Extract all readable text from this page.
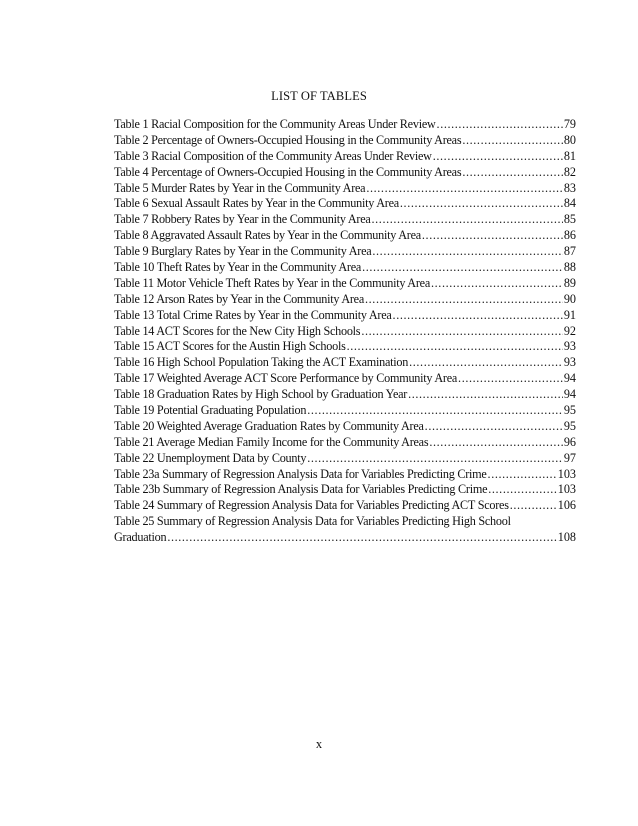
LIST OF TABLES
Table 1 Racial Composition for the Community Areas Under Review .....	79
Table 2 Percentage of Owners-Occupied Housing in the Community Areas .....	80
Table 3 Racial Composition of the Community Areas Under Review .....	81
Table 4 Percentage of Owners-Occupied Housing in the Community Areas .....	82
Table 5 Murder Rates by Year in the Community Area .....	83
Table 6 Sexual Assault Rates by Year in the Community Area .....	84
Table 7 Robbery Rates by Year in the Community Area .....	85
Table 8 Aggravated Assault Rates by Year in the Community Area .....	86
Table 9 Burglary Rates by Year in the Community Area .....	87
Table 10 Theft Rates by Year in the Community Area .....	88
Table 11 Motor Vehicle Theft Rates by Year in the Community Area .....	89
Table 12 Arson Rates by Year in the Community Area .....	90
Table 13 Total Crime Rates by Year in the Community Area .....	91
Table 14 ACT Scores for the New City High Schools .....	92
Table 15 ACT Scores for the Austin High Schools .....	93
Table 16 High School Population Taking the ACT Examination .....	93
Table 17 Weighted Average ACT Score Performance by Community Area .....	94
Table 18 Graduation Rates by High School by Graduation Year .....	94
Table 19 Potential Graduating Population .....	95
Table 20 Weighted Average Graduation Rates by Community Area .....	95
Table 21 Average Median Family Income for the Community Areas .....	96
Table 22 Unemployment Data by County .....	97
Table 23a Summary of Regression Analysis Data for Variables Predicting Crime .....	103
Table 23b Summary of Regression Analysis Data for Variables Predicting Crime .....	103
Table 24 Summary of Regression Analysis Data for Variables Predicting ACT Scores .....	106
Table 25 Summary of Regression Analysis Data for Variables Predicting High School
Graduation .....	108
x
